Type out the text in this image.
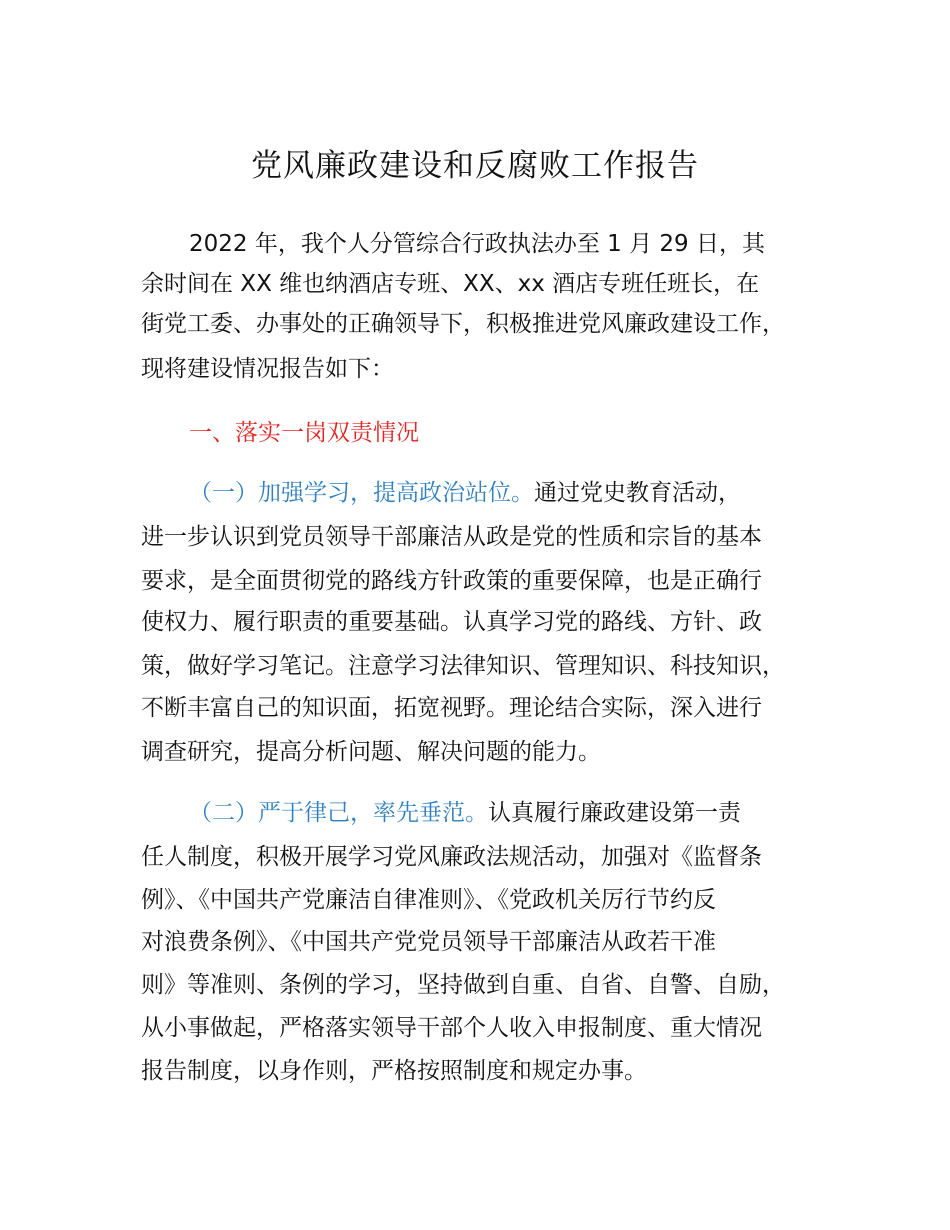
党风廉政建设和反腐败工作报告
2022 年，我个人分管综合行政执法办至 1 月 29 日，其
余时间在 XX 维也纳酒店专班、XX、xx 酒店专班任班长，在
街党工委、办事处的正确领导下，积极推进党风廉政建设工作，
现将建设情况报告如下：
一、落实一岗双责情况
（一）加强学习，提高政治站位。通过党史教育活动，
进一步认识到党员领导干部廉洁从政是党的性质和宗旨的基本
要求，是全面贯彻党的路线方针政策的重要保障，也是正确行
使权力、履行职责的重要基础。认真学习党的路线、方针、政
策，做好学习笔记。注意学习法律知识、管理知识、科技知识，
不断丰富自己的知识面，拓宽视野。理论结合实际，深入进行
调查研究，提高分析问题、解决问题的能力。
（二）严于律己，率先垂范。认真履行廉政建设第一责
任人制度，积极开展学习党风廉政法规活动，加强对《监督条
例》、《中国共产党廉洁自律准则》、《党政机关厉行节约反
对浪费条例》、《中国共产党党员领导干部廉洁从政若干准
则》等准则、条例的学习，坚持做到自重、自省、自警、自励，
从小事做起，严格落实领导干部个人收入申报制度、重大情况
报告制度，以身作则，严格按照制度和规定办事。
